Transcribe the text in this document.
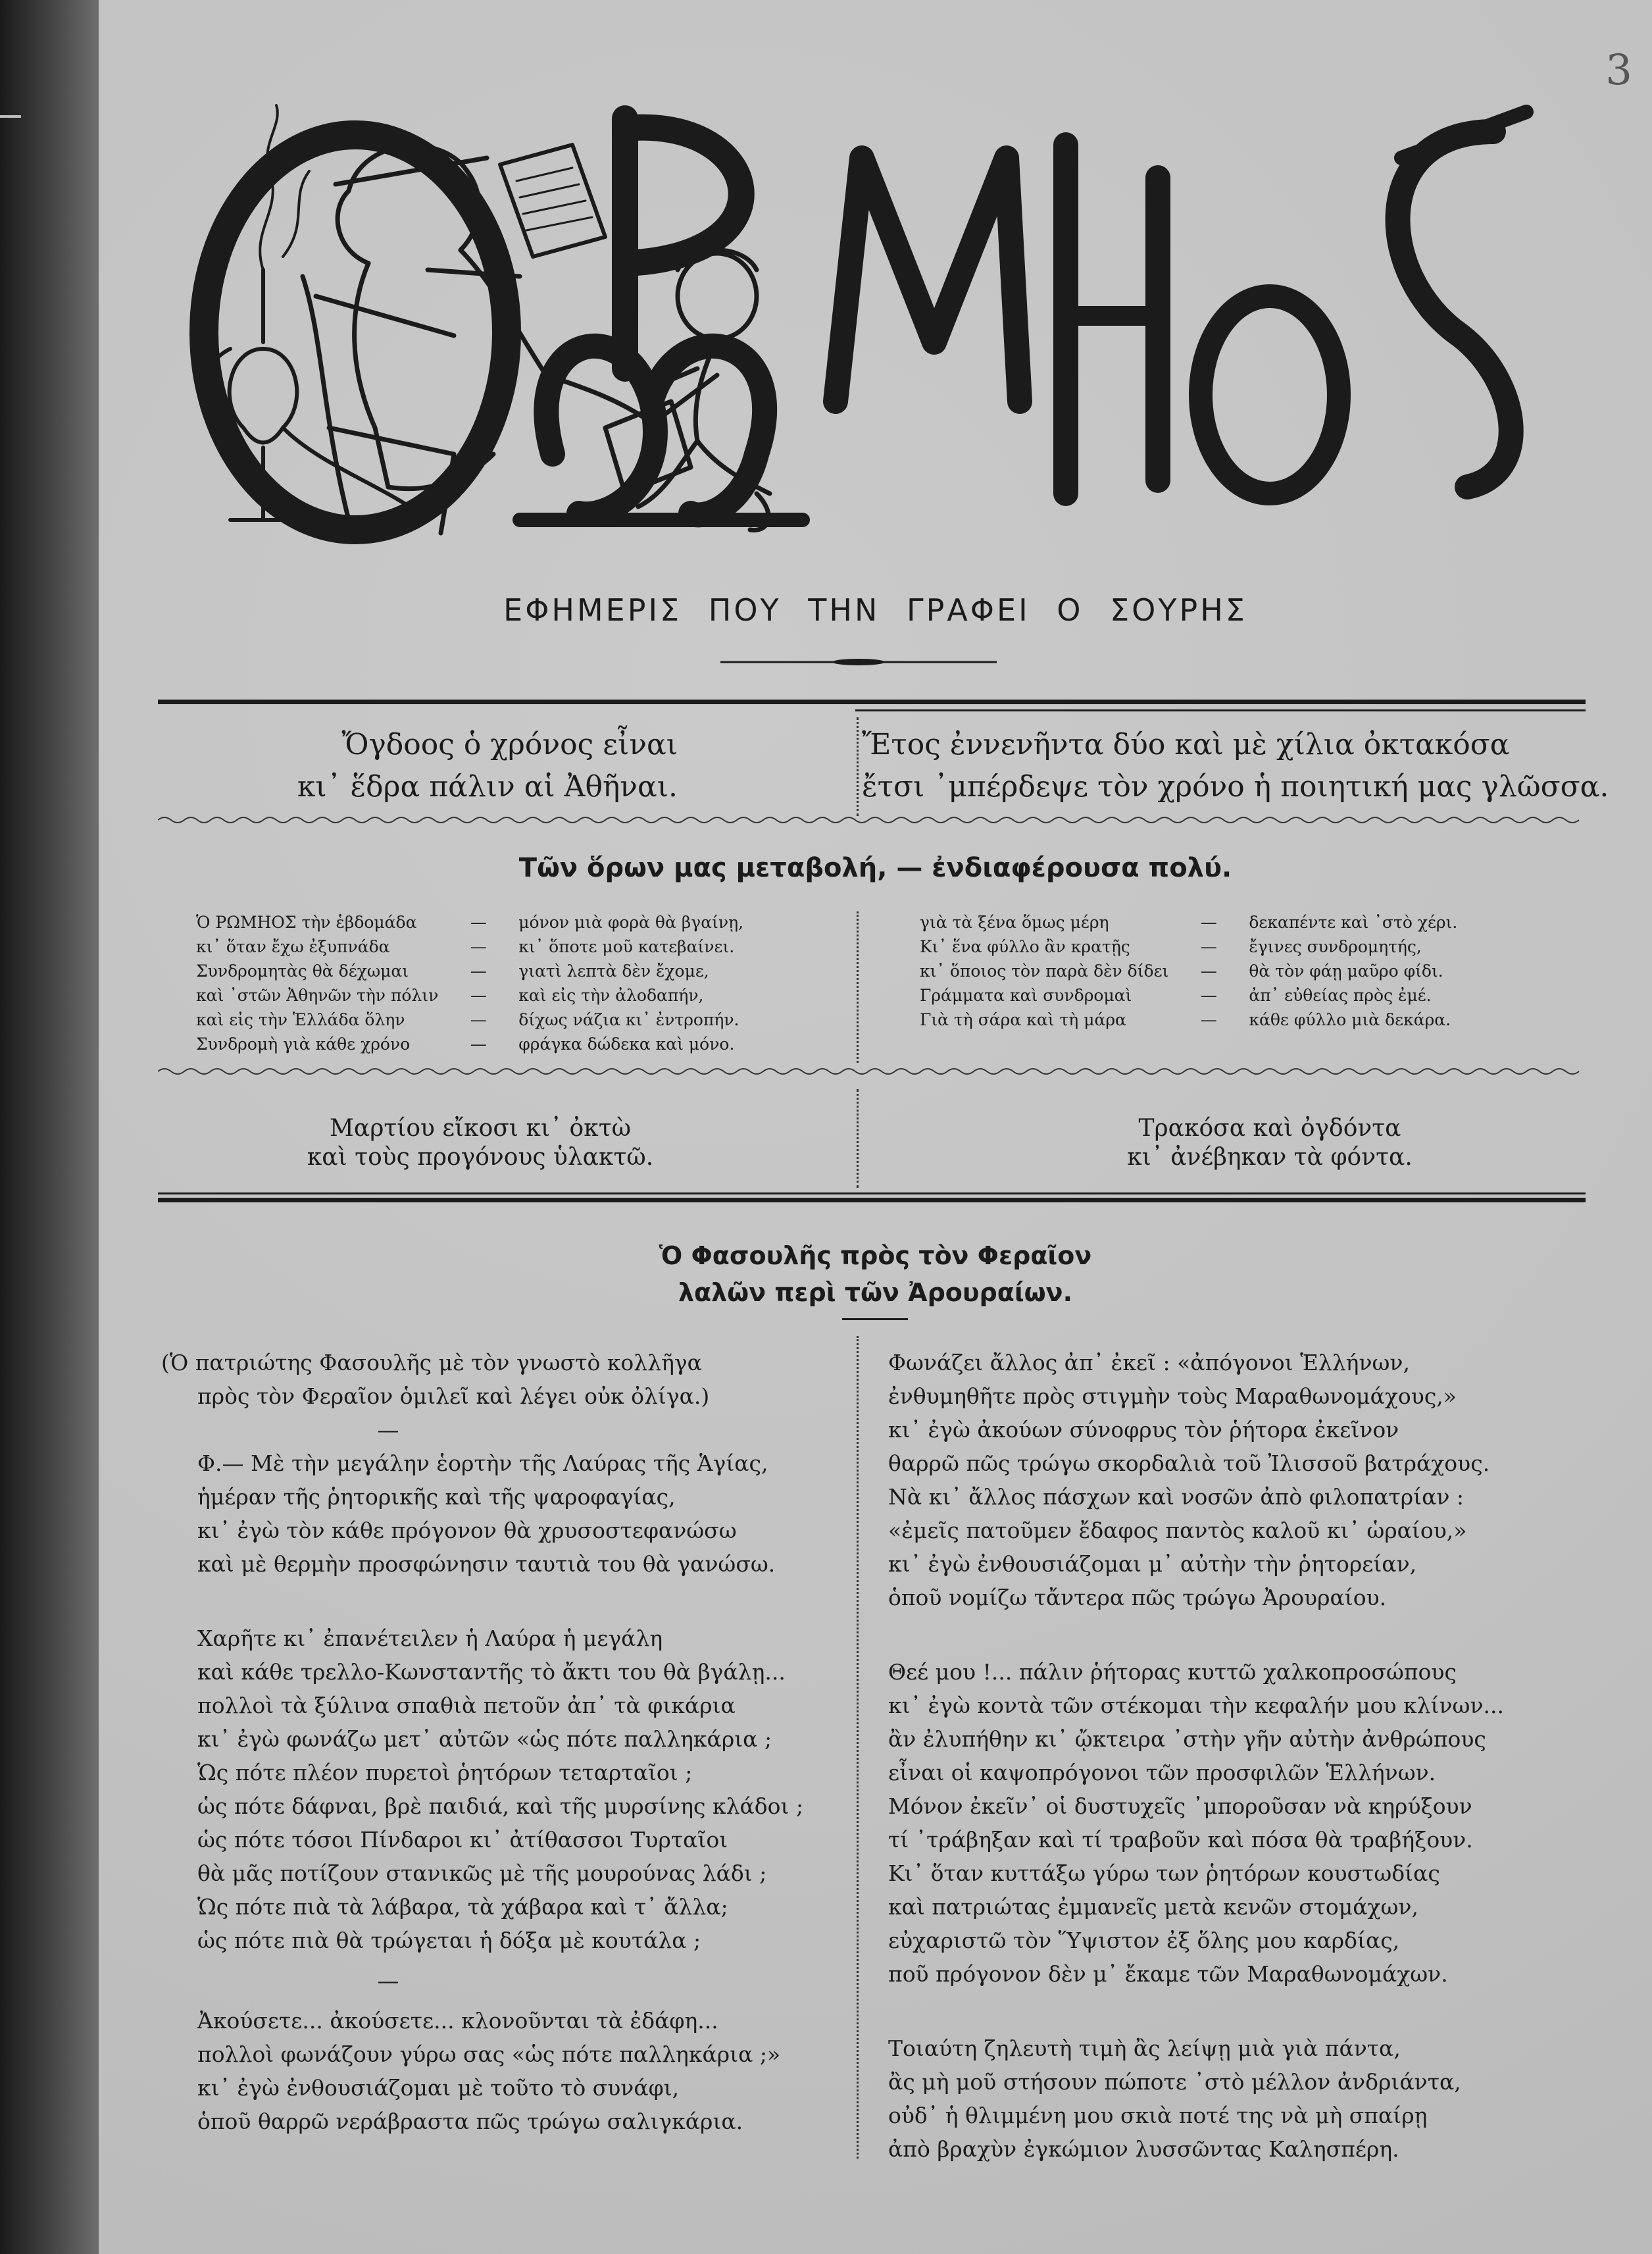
3
ΕΦΗΜΕΡΙΣ ΠΟΥ ΤΗΝ ΓΡΑΦΕΙ Ο ΣΟΥΡΗΣ
Ὄγδοος ὁ χρόνος εἶναι
κι᾿ ἕδρα πάλιν αἱ Ἀθῆναι.
Ἔτος ἐννενῆντα δύο καὶ μὲ χίλια ὀκτακόσα
ἔτσι ᾿μπέρδεψε τὸν χρόνο ἡ ποιητική μας γλῶσσα.
Τῶν ὅρων μας μεταβολή, — ἐνδιαφέρουσα πολύ.
Ὁ ΡΩΜΗΟΣ τὴν ἑβδομάδα	—	μόνον μιὰ φορὰ θὰ βγαίνῃ,
κι᾿ ὅταν ἔχω ἐξυπνάδα	—	κι᾿ ὅποτε μοῦ κατεβαίνει.
Συνδρομητὰς θὰ δέχωμαι	—	γιατὶ λεπτὰ δὲν ἔχομε,
καὶ ᾿στῶν Ἀθηνῶν τὴν πόλιν	—	καὶ εἰς τὴν ἀλοδαπήν,
καὶ εἰς τὴν Ἑλλάδα ὅλην	—	δίχως νάζια κι᾿ ἐντροπήν.
Συνδρομὴ γιὰ κάθε χρόνο	—	φράγκα δώδεκα καὶ μόνο.
γιὰ τὰ ξένα ὅμως μέρη	—	δεκαπέντε καὶ ᾿στὸ χέρι.
Κι᾿ ἕνα φύλλο ἂν κρατῇς	—	ἔγινες συνδρομητής,
κι᾿ ὅποιος τὸν παρὰ δὲν δίδει	—	θὰ τὸν φάῃ μαῦρο φίδι.
Γράμματα καὶ συνδρομαὶ	—	ἀπ᾿ εὐθείας πρὸς ἐμέ.
Γιὰ τὴ σάρα καὶ τὴ μάρα	—	κάθε φύλλο μιὰ δεκάρα.
Μαρτίου εἴκοσι κι᾿ ὀκτὼ
καὶ τοὺς προγόνους ὑλακτῶ.
Τρακόσα καὶ ὀγδόντα
κι᾿ ἀνέβηκαν τὰ φόντα.
Ὁ Φασουλῆς πρὸς τὸν Φεραῖον
λαλῶν περὶ τῶν Ἀρουραίων.
(Ὁ πατριώτης Φασουλῆς μὲ τὸν γνωστὸ κολλῆγα
πρὸς τὸν Φεραῖον ὁμιλεῖ καὶ λέγει οὐκ ὀλίγα.)
—
Φ.— Μὲ τὴν μεγάλην ἑορτὴν τῆς Λαύρας τῆς Ἁγίας,
ἡμέραν τῆς ῥητορικῆς καὶ τῆς ψαροφαγίας,
κι᾿ ἐγὼ τὸν κάθε πρόγονον θὰ χρυσοστεφανώσω
καὶ μὲ θερμὴν προσφώνησιν ταυτιὰ του θὰ γανώσω.
Χαρῆτε κι᾿ ἐπανέτειλεν ἡ Λαύρα ἡ μεγάλη
καὶ κάθε τρελλο-Κωνσταντῆς τὸ ἄκτι του θὰ βγάλῃ...
πολλοὶ τὰ ξύλινα σπαθιὰ πετοῦν ἀπ᾿ τὰ φικάρια
κι᾿ ἐγὼ φωνάζω μετ᾿ αὐτῶν «ὡς πότε παλληκάρια ;
Ὡς πότε πλέον πυρετοὶ ῥητόρων τεταρταῖοι ;
ὡς πότε δάφναι, βρὲ παιδιά, καὶ τῆς μυρσίνης κλάδοι ;
ὡς πότε τόσοι Πίνδαροι κι᾿ ἀτίθασσοι Τυρταῖοι
θὰ μᾶς ποτίζουν στανικῶς μὲ τῆς μουρούνας λάδι ;
Ὡς πότε πιὰ τὰ λάβαρα, τὰ χάβαρα καὶ τ᾿ ἄλλα;
ὡς πότε πιὰ θὰ τρώγεται ἡ δόξα μὲ κουτάλα ;
—
Ἀκούσετε... ἀκούσετε... κλονοῦνται τὰ ἐδάφη...
πολλοὶ φωνάζουν γύρω σας «ὡς πότε παλληκάρια ;»
κι᾿ ἐγὼ ἐνθουσιάζομαι μὲ τοῦτο τὸ συνάφι,
ὁποῦ θαρρῶ νεράβραστα πῶς τρώγω σαλιγκάρια.
Φωνάζει ἄλλος ἀπ᾿ ἐκεῖ : «ἀπόγονοι Ἑλλήνων,
ἐνθυμηθῆτε πρὸς στιγμὴν τοὺς Μαραθωνομάχους,»
κι᾿ ἐγὼ ἀκούων σύνοφρυς τὸν ῥήτορα ἐκεῖνον
θαρρῶ πῶς τρώγω σκορδαλιὰ τοῦ Ἰλισσοῦ βατράχους.
Νὰ κι᾿ ἄλλος πάσχων καὶ νοσῶν ἀπὸ φιλοπατρίαν :
«ἐμεῖς πατοῦμεν ἔδαφος παντὸς καλοῦ κι᾿ ὡραίου,»
κι᾿ ἐγὼ ἐνθουσιάζομαι μ᾿ αὐτὴν τὴν ῥητορείαν,
ὁποῦ νομίζω τἄντερα πῶς τρώγω Ἀρουραίου.
Θεέ μου !... πάλιν ῥήτορας κυττῶ χαλκοπροσώπους
κι᾿ ἐγὼ κοντὰ τῶν στέκομαι τὴν κεφαλήν μου κλίνων...
ἂν ἐλυπήθην κι᾿ ᾤκτειρα ᾿στὴν γῆν αὐτὴν ἀνθρώπους
εἶναι οἱ καψοπρόγονοι τῶν προσφιλῶν Ἑλλήνων.
Μόνον ἐκεῖν᾿ οἱ δυστυχεῖς ᾿μποροῦσαν νὰ κηρύξουν
τί ᾿τράβηξαν καὶ τί τραβοῦν καὶ πόσα θὰ τραβήξουν.
Κι᾿ ὅταν κυττάξω γύρω των ῥητόρων κουστωδίας
καὶ πατριώτας ἐμμανεῖς μετὰ κενῶν στομάχων,
εὐχαριστῶ τὸν Ὕψιστον ἐξ ὅλης μου καρδίας,
ποῦ πρόγονον δὲν μ᾿ ἔκαμε τῶν Μαραθωνομάχων.
Τοιαύτη ζηλευτὴ τιμὴ ἂς λείψῃ μιὰ γιὰ πάντα,
ἂς μὴ μοῦ στήσουν πώποτε ᾿στὸ μέλλον ἀνδριάντα,
οὐδ᾿ ἡ θλιμμένη μου σκιὰ ποτέ της νὰ μὴ σπαίρῃ
ἀπὸ βραχὺν ἐγκώμιον λυσσῶντας Καλησπέρη.
